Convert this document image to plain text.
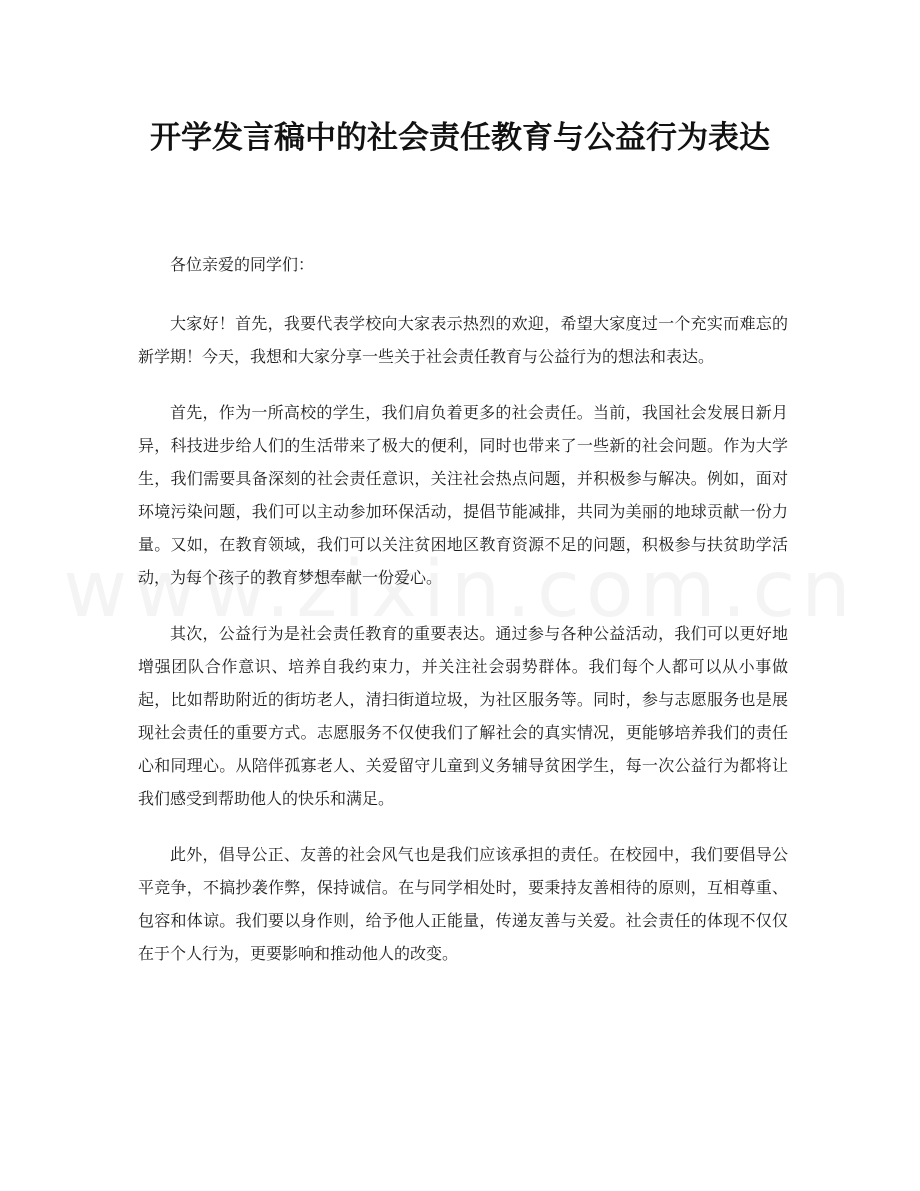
开学发言稿中的社会责任教育与公益行为表达

各位亲爱的同学们：

大家好！首先，我要代表学校向大家表示热烈的欢迎，希望大家度过一个充实而难忘的新学期！今天，我想和大家分享一些关于社会责任教育与公益行为的想法和表达。

首先，作为一所高校的学生，我们肩负着更多的社会责任。当前，我国社会发展日新月异，科技进步给人们的生活带来了极大的便利，同时也带来了一些新的社会问题。作为大学生，我们需要具备深刻的社会责任意识，关注社会热点问题，并积极参与解决。例如，面对环境污染问题，我们可以主动参加环保活动，提倡节能减排，共同为美丽的地球贡献一份力量。又如，在教育领域，我们可以关注贫困地区教育资源不足的问题，积极参与扶贫助学活动，为每个孩子的教育梦想奉献一份爱心。

其次，公益行为是社会责任教育的重要表达。通过参与各种公益活动，我们可以更好地增强团队合作意识、培养自我约束力，并关注社会弱势群体。我们每个人都可以从小事做起，比如帮助附近的街坊老人，清扫街道垃圾，为社区服务等。同时，参与志愿服务也是展现社会责任的重要方式。志愿服务不仅使我们了解社会的真实情况，更能够培养我们的责任心和同理心。从陪伴孤寡老人、关爱留守儿童到义务辅导贫困学生，每一次公益行为都将让我们感受到帮助他人的快乐和满足。

此外，倡导公正、友善的社会风气也是我们应该承担的责任。在校园中，我们要倡导公平竞争，不搞抄袭作弊，保持诚信。在与同学相处时，要秉持友善相待的原则，互相尊重、包容和体谅。我们要以身作则，给予他人正能量，传递友善与关爱。社会责任的体现不仅仅在于个人行为，更要影响和推动他人的改变。
